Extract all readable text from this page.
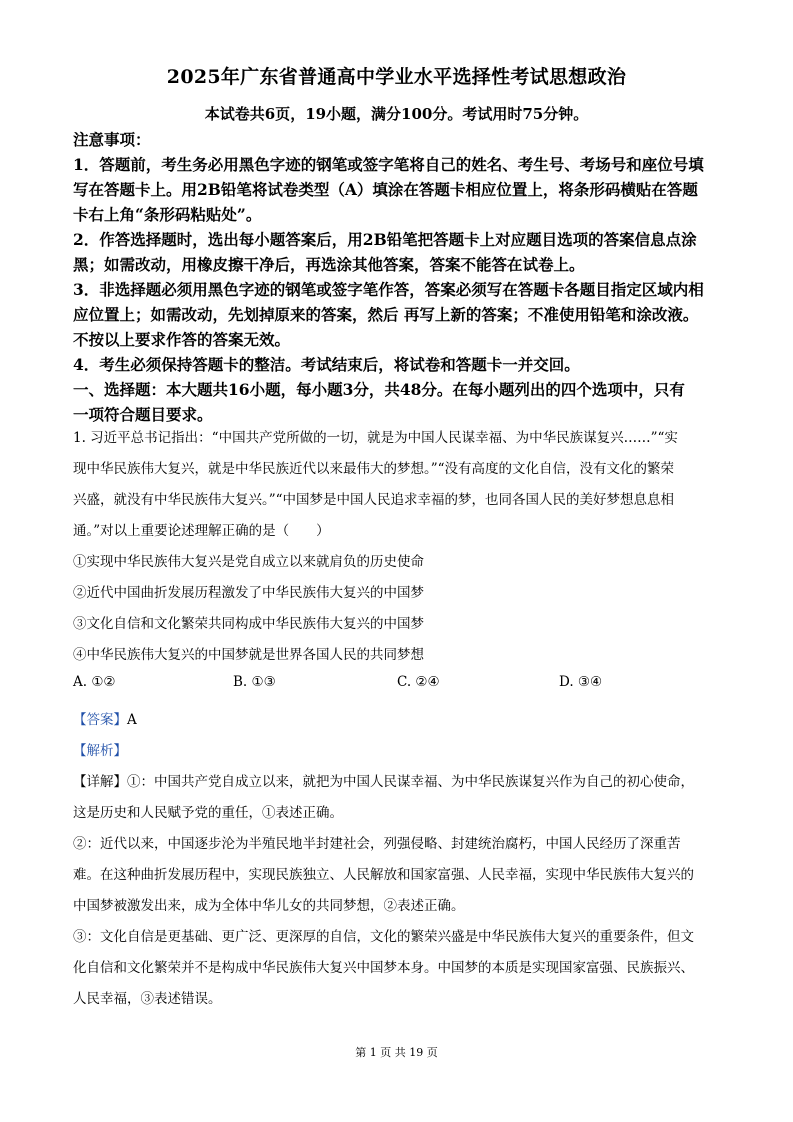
2025年广东省普通高中学业水平选择性考试思想政治
本试卷共6页，19小题，满分100分。考试用时75分钟。
注意事项：
1．答题前，考生务必用黑色字迹的钢笔或签字笔将自己的姓名、考生号、考场号和座位号填
写在答题卡上。用2B铅笔将试卷类型（A）填涂在答题卡相应位置上，将条形码横贴在答题
卡右上角“条形码粘贴处”。
2．作答选择题时，选出每小题答案后，用2B铅笔把答题卡上对应题目选项的答案信息点涂
黑；如需改动，用橡皮擦干净后，再选涂其他答案，答案不能答在试卷上。
3．非选择题必须用黑色字迹的钢笔或签字笔作答，答案必须写在答题卡各题目指定区域内相
应位置上；如需改动，先划掉原来的答案，然后 再写上新的答案；不准使用铅笔和涂改液。
不按以上要求作答的答案无效。
4．考生必须保持答题卡的整洁。考试结束后，将试卷和答题卡一并交回。
一、选择题：本大题共16小题，每小题3分，共48分。在每小题列出的四个选项中，只有
一项符合题目要求。
1. 习近平总书记指出：“中国共产党所做的一切，就是为中国人民谋幸福、为中华民族谋复兴……”“实
现中华民族伟大复兴，就是中华民族近代以来最伟大的梦想。”“没有高度的文化自信，没有文化的繁荣
兴盛，就没有中华民族伟大复兴。”“中国梦是中国人民追求幸福的梦，也同各国人民的美好梦想息息相
通。”对以上重要论述理解正确的是（　　）
①实现中华民族伟大复兴是党自成立以来就肩负的历史使命
②近代中国曲折发展历程激发了中华民族伟大复兴的中国梦
③文化自信和文化繁荣共同构成中华民族伟大复兴的中国梦
④中华民族伟大复兴的中国梦就是世界各国人民的共同梦想
A. ①②	B. ①③	C. ②④	D. ③④
【答案】A
【解析】
【详解】①：中国共产党自成立以来，就把为中国人民谋幸福、为中华民族谋复兴作为自己的初心使命，
这是历史和人民赋予党的重任，①表述正确。
②：近代以来，中国逐步沦为半殖民地半封建社会，列强侵略、封建统治腐朽，中国人民经历了深重苦
难。在这种曲折发展历程中，实现民族独立、人民解放和国家富强、人民幸福，实现中华民族伟大复兴的
中国梦被激发出来，成为全体中华儿女的共同梦想，②表述正确。
③：文化自信是更基础、更广泛、更深厚的自信，文化的繁荣兴盛是中华民族伟大复兴的重要条件，但文
化自信和文化繁荣并不是构成中华民族伟大复兴中国梦本身。中国梦的本质是实现国家富强、民族振兴、
人民幸福，③表述错误。
第 1 页 共 19 页
